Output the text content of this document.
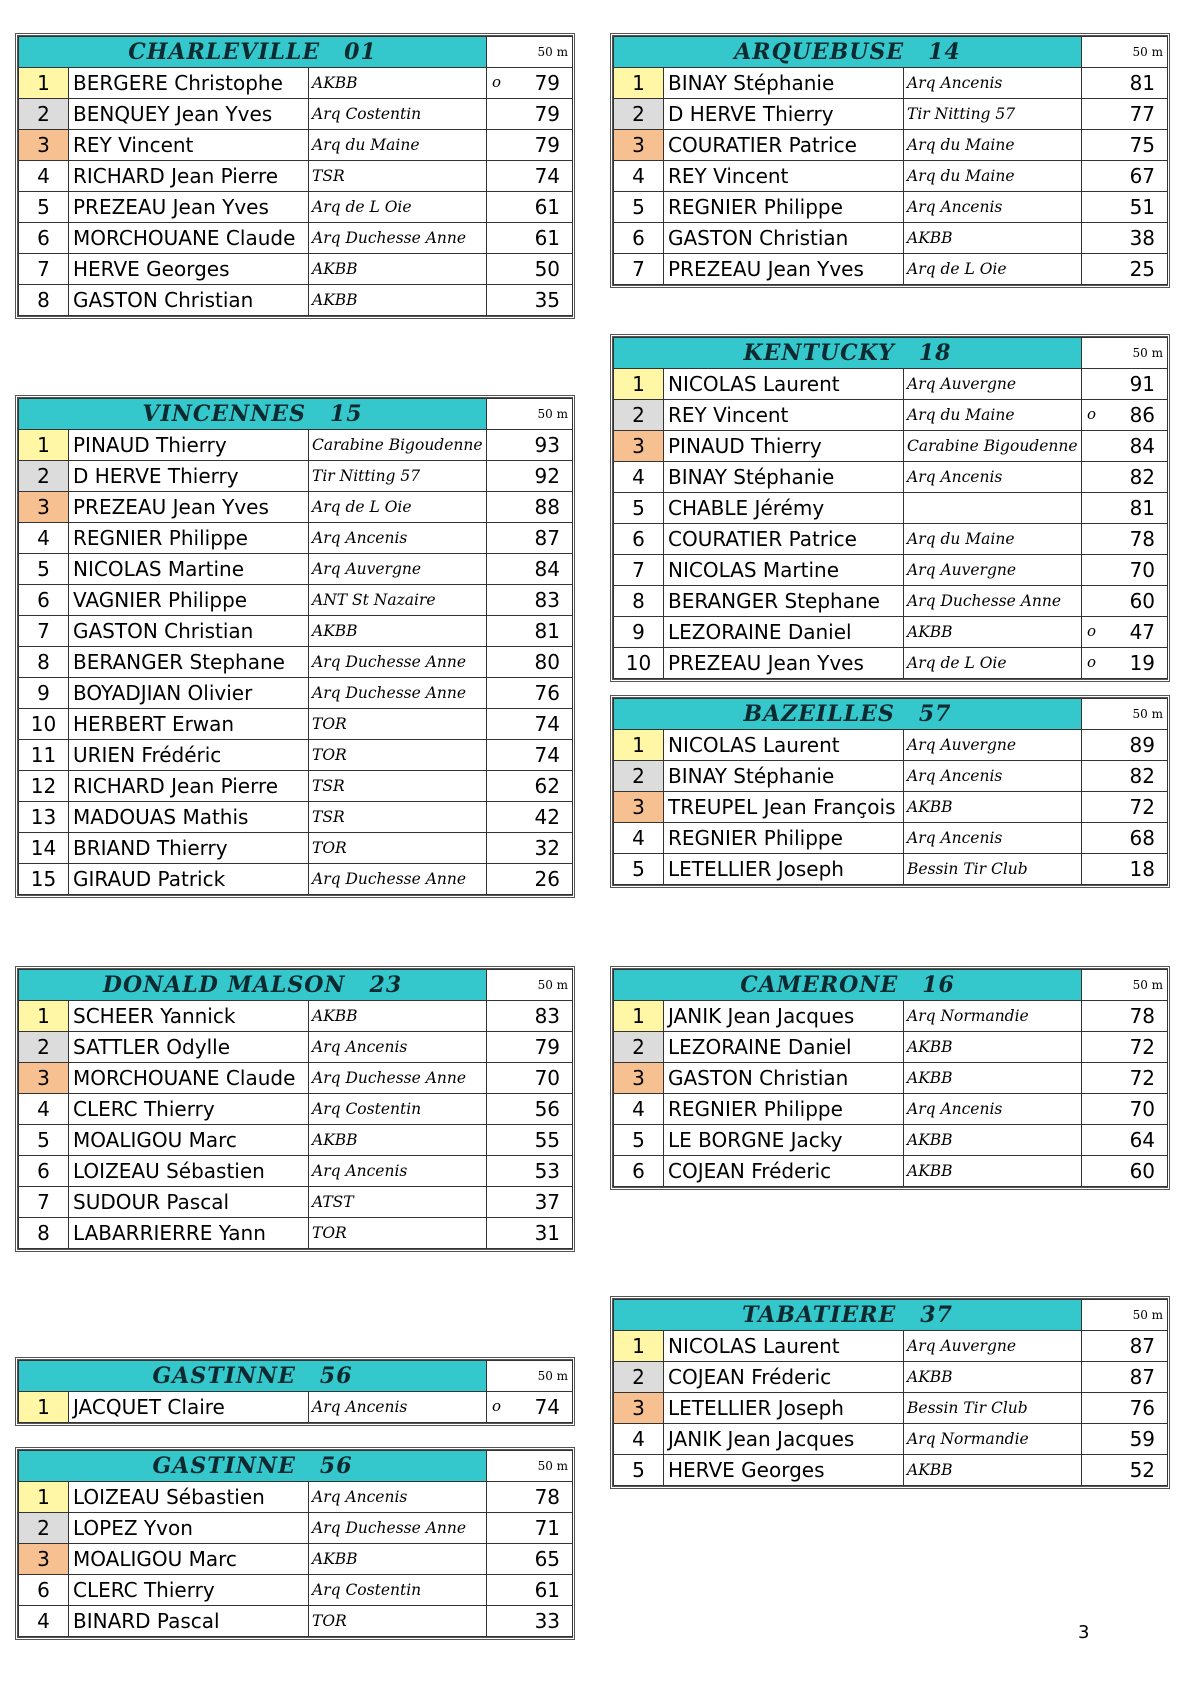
CHARLEVILLE 01			50 m
1	BERGERE Christophe	AKBB	o 79
2	BENQUEY Jean Yves	Arq Costentin	79
3	REY Vincent	Arq du Maine	79
4	RICHARD Jean Pierre	TSR	74
5	PREZEAU Jean Yves	Arq de L Oie	61
6	MORCHOUANE Claude	Arq Duchesse Anne	61
7	HERVE Georges	AKBB	50
8	GASTON Christian	AKBB	35
ARQUEBUSE 14			50 m
1	BINAY Stéphanie	Arq Ancenis	81
2	D HERVE Thierry	Tir Nitting 57	77
3	COURATIER Patrice	Arq du Maine	75
4	REY Vincent	Arq du Maine	67
5	REGNIER Philippe	Arq Ancenis	51
6	GASTON Christian	AKBB	38
7	PREZEAU Jean Yves	Arq de L Oie	25
KENTUCKY 18			50 m
1	NICOLAS Laurent	Arq Auvergne	91
2	REY Vincent	Arq du Maine	o 86
3	PINAUD Thierry	Carabine Bigoudenne	84
4	BINAY Stéphanie	Arq Ancenis	82
5	CHABLE Jérémy		81
6	COURATIER Patrice	Arq du Maine	78
7	NICOLAS Martine	Arq Auvergne	70
8	BERANGER Stephane	Arq Duchesse Anne	60
9	LEZORAINE Daniel	AKBB	o 47
10	PREZEAU Jean Yves	Arq de L Oie	o 19
VINCENNES 15			50 m
1	PINAUD Thierry	Carabine Bigoudenne	93
2	D HERVE Thierry	Tir Nitting 57	92
3	PREZEAU Jean Yves	Arq de L Oie	88
4	REGNIER Philippe	Arq Ancenis	87
5	NICOLAS Martine	Arq Auvergne	84
6	VAGNIER Philippe	ANT St Nazaire	83
7	GASTON Christian	AKBB	81
8	BERANGER Stephane	Arq Duchesse Anne	80
9	BOYADJIAN Olivier	Arq Duchesse Anne	76
10	HERBERT Erwan	TOR	74
11	URIEN Frédéric	TOR	74
12	RICHARD Jean Pierre	TSR	62
13	MADOUAS Mathis	TSR	42
14	BRIAND Thierry	TOR	32
15	GIRAUD Patrick	Arq Duchesse Anne	26
BAZEILLES 57			50 m
1	NICOLAS Laurent	Arq Auvergne	89
2	BINAY Stéphanie	Arq Ancenis	82
3	TREUPEL Jean François	AKBB	72
4	REGNIER Philippe	Arq Ancenis	68
5	LETELLIER Joseph	Bessin Tir Club	18
DONALD MALSON 23			50 m
1	SCHEER Yannick	AKBB	83
2	SATTLER Odylle	Arq Ancenis	79
3	MORCHOUANE Claude	Arq Duchesse Anne	70
4	CLERC Thierry	Arq Costentin	56
5	MOALIGOU Marc	AKBB	55
6	LOIZEAU Sébastien	Arq Ancenis	53
7	SUDOUR Pascal	ATST	37
8	LABARRIERRE Yann	TOR	31
CAMERONE 16			50 m
1	JANIK Jean Jacques	Arq Normandie	78
2	LEZORAINE Daniel	AKBB	72
3	GASTON Christian	AKBB	72
4	REGNIER Philippe	Arq Ancenis	70
5	LE BORGNE Jacky	AKBB	64
6	COJEAN Fréderic	AKBB	60
TABATIERE 37			50 m
1	NICOLAS Laurent	Arq Auvergne	87
2	COJEAN Fréderic	AKBB	87
3	LETELLIER Joseph	Bessin Tir Club	76
4	JANIK Jean Jacques	Arq Normandie	59
5	HERVE Georges	AKBB	52
GASTINNE 56			50 m
1	JACQUET Claire	Arq Ancenis	o 74
GASTINNE 56			50 m
1	LOIZEAU Sébastien	Arq Ancenis	78
2	LOPEZ Yvon	Arq Duchesse Anne	71
3	MOALIGOU Marc	AKBB	65
6	CLERC Thierry	Arq Costentin	61
4	BINARD Pascal	TOR	33	3
